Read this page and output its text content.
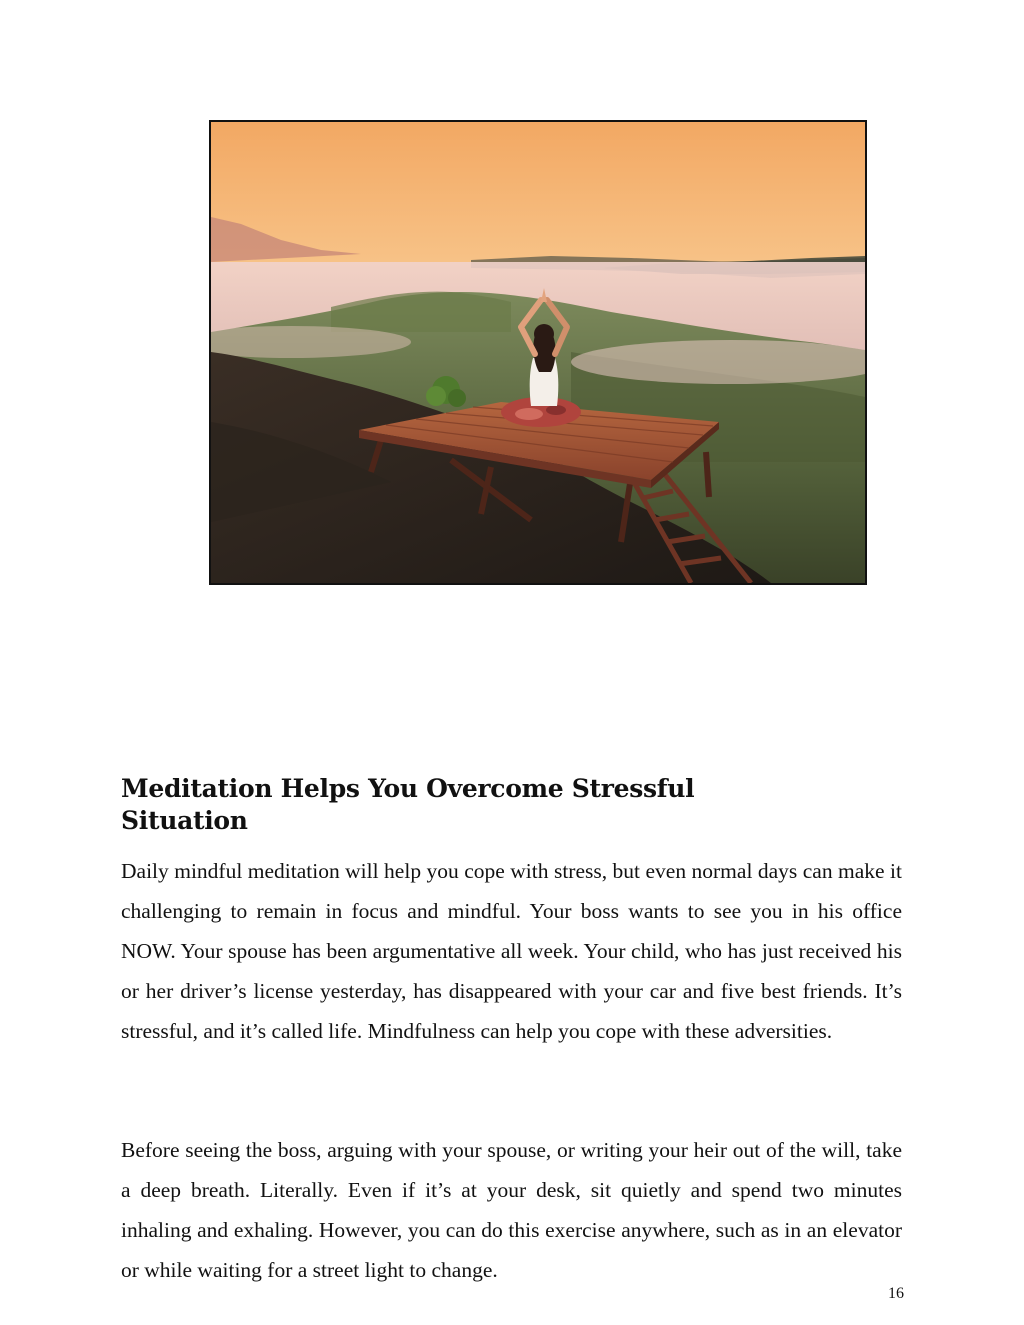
Meditation Helps You Overcome Stressful Situation

Daily mindful meditation will help you cope with stress, but even normal days can make it challenging to remain in focus and mindful. Your boss wants to see you in his office NOW. Your spouse has been argumentative all week. Your child, who has just received his or her driver’s license yesterday, has disappeared with your car and five best friends. It’s stressful, and it’s called life. Mindfulness can help you cope with these adversities.

Before seeing the boss, arguing with your spouse, or writing your heir out of the will, take a deep breath. Literally. Even if it’s at your desk, sit quietly and spend two minutes inhaling and exhaling. However, you can do this exercise anywhere, such as in an elevator or while waiting for a street light to change.

16
